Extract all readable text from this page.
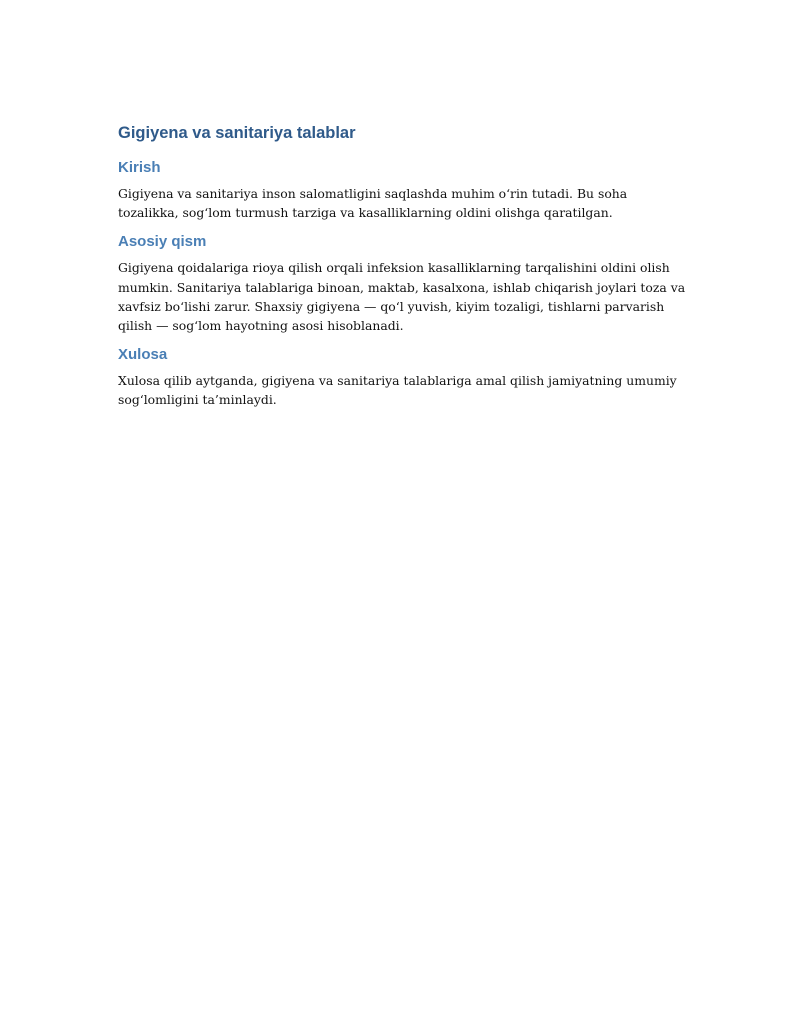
Gigiyena va sanitariya talablar
Kirish

Gigiyena va sanitariya inson salomatligini saqlashda muhim o‘rin tutadi. Bu soha tozalikka, sog‘lom turmush tarziga va kasalliklarning oldini olishga qaratilgan.

Asosiy qism

Gigiyena qoidalariga rioya qilish orqali infeksion kasalliklarning tarqalishini oldini olish mumkin. Sanitariya talablariga binoan, maktab, kasalxona, ishlab chiqarish joylari toza va xavfsiz bo‘lishi zarur. Shaxsiy gigiyena — qo‘l yuvish, kiyim tozaligi, tishlarni parvarish qilish — sog‘lom hayotning asosi hisoblanadi.

Xulosa

Xulosa qilib aytganda, gigiyena va sanitariya talablariga amal qilish jamiyatning umumiy sog‘lomligini ta’minlaydi.
